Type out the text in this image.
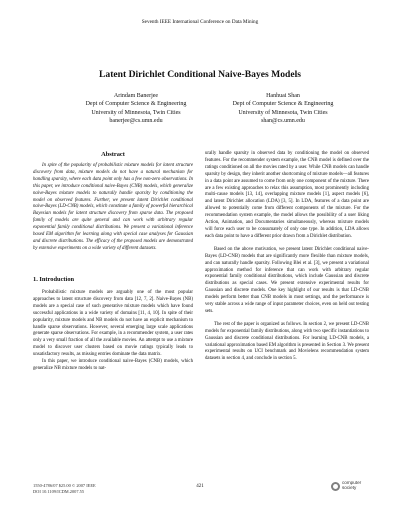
Seventh IEEE International Conference on Data Mining
Latent Dirichlet Conditional Naive-Bayes Models
Arindam Banerjee
Dept of Computer Science & Engineering
University of Minnesota, Twin Cities
banerjee@cs.umn.edu
Hanhuai Shan
Dept of Computer Science & Engineering
University of Minnesota, Twin Cities
shan@cs.umn.edu
Abstract

In spite of the popularity of probabilistic mixture models for latent structure discovery from data, mixture models do not have a natural mechanism for handling sparsity, where each data point only has a few non-zero observations. In this paper, we introduce conditional naive-Bayes (CNB) models, which generalize naive-Bayes mixture models to naturally handle sparsity by conditioning the model on observed features. Further, we present latent Dirichlet conditional naive-Bayes (LD-CNB) models, which constitute a family of powerful hierarchical Bayesian models for latent structure discovery from sparse data. The proposed family of models are quite general and can work with arbitrary regular exponential family conditional distributions. We present a variational inference based EM algorithm for learning along with special case analyses for Gaussian and discrete distributions. The efficacy of the proposed models are demonstrated by extensive experiments on a wide variety of different datasets.

1. Introduction

Probabilistic mixture models are arguably one of the most popular approaches to latent structure discovery from data [12, 7, 2]. Naive-Bayes (NB) models are a special case of such generative mixture models which have found successful applications in a wide variety of domains [11, 4, 10]. In spite of their popularity, mixture models and NB models do not have an explicit mechanism to handle sparse observations. However, several emerging large scale applications generate sparse observations. For example, in a recommender system, a user rates only a very small fraction of all the available movies. An attempt to use a mixture model to discover user clusters based on movie ratings typically leads to unsatisfactory results, as missing entries dominate the data matrix.

In this paper, we introduce conditional naive-Bayes (CNB) models, which generalize NB mixture models to nat-

urally handle sparsity in observed data by conditioning the model on observed features. For the recommender system example, the CNB model is defined over the ratings conditioned on all the movies rated by a user. While CNB models can handle sparsity by design, they inherit another shortcoming of mixture models—all features in a data point are assumed to come from only one component of the mixture. There are a few existing approaches to relax this assumption, most prominently including multi-cause models [13, 14], overlapping mixture models [1], aspect models [6], and latent Dirichlet allocation (LDA) [3, 5]. In LDA, features of a data point are allowed to potentially come from different components of the mixture. For the recommendation system example, the model allows the possibility of a user liking Action, Animation, and Documentaries simultaneously, whereas mixture models will force each user to be consumately of only one type. In addition, LDA allows each data point to have a different prior drawn from a Dirichlet distribution.

Based on the above motivation, we present latent Dirichlet conditional naive-Bayes (LD-CNB) models that are significantly more flexible than mixture models, and can naturally handle sparsity. Following Blei et al. [3], we present a variational approximation method for inference that can work with arbitrary regular exponential family conditional distributions, which include Gaussian and discrete distributions as special cases. We present extensive experimental results for Gaussian and discrete models. One key highlight of our results is that LD-CNB models perform better than CNB models in most settings, and the performance is very stable across a wide range of input parameter choices, even on held out testing sets.

The rest of the paper is organized as follows. In section 2, we present LD-CNB models for exponential family distributions, along with two specific instantiations to Gaussian and discrete conditional distributions. For learning LD-CNB models, a variational approximation based EM algorithm is presented in Section 3. We present experimental results on UCI benchmark and Movielens recommendation system datasets in section 4, and conclude in section 5.

1550-4786/07 $25.00 © 2007 IEEE
DOI 10.1109/ICDM.2007.55
421
computer
society
